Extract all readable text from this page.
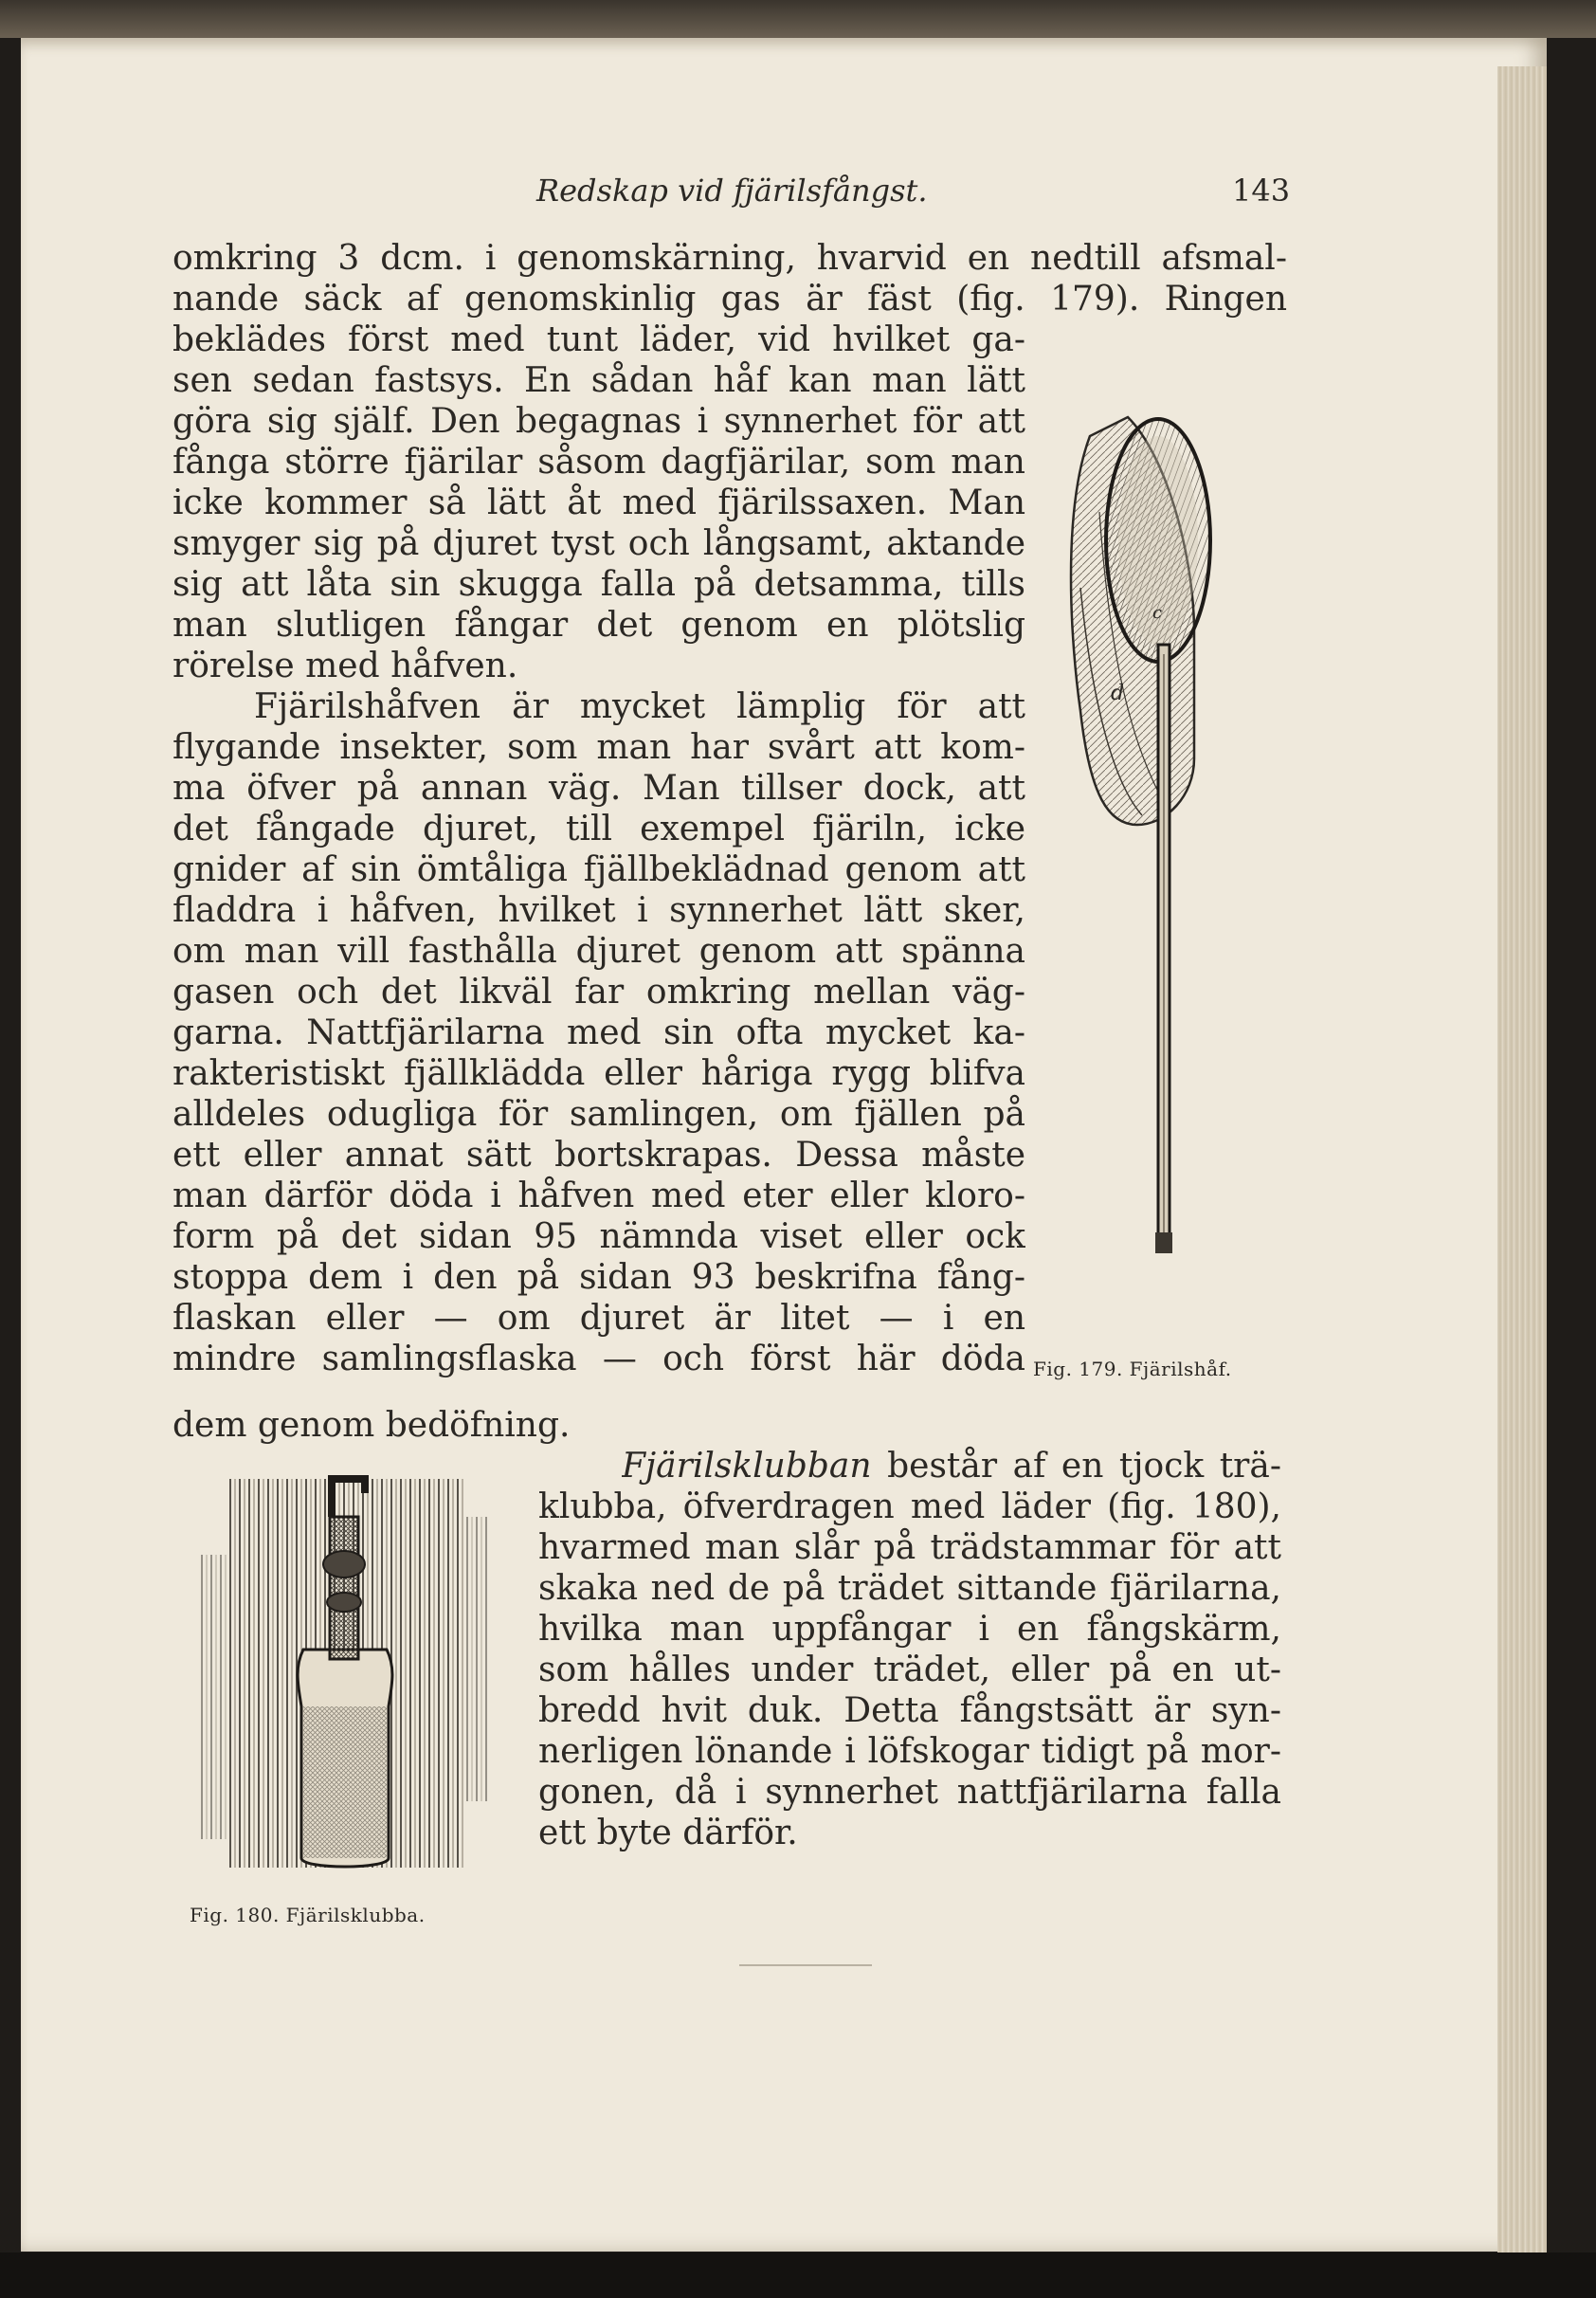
Redskap vid fjärilsfångst.	143

omkring 3 dcm. i genomskärning, hvarvid en nedtill afsmal-

nande säck af genomskinlig gas är fäst (fig. 179). Ringen

beklädes först med tunt läder, vid hvilket ga-

sen sedan fastsys. En sådan håf kan man lätt

göra sig själf. Den begagnas i synnerhet för att

fånga större fjärilar såsom dagfjärilar, som man

icke kommer så lätt åt med fjärilssaxen. Man

smyger sig på djuret tyst och långsamt, aktande

sig att låta sin skugga falla på detsamma, tills

man slutligen fångar det genom en plötslig

rörelse med håfven.

Fjärilshåfven är mycket lämplig för att

flygande insekter, som man har svårt att kom-

ma öfver på annan väg. Man tillser dock, att

det fångade djuret, till exempel fjäriln, icke

gnider af sin ömtåliga fjällbeklädnad genom att

fladdra i håfven, hvilket i synnerhet lätt sker,

om man vill fasthålla djuret genom att spänna

gasen och det likväl far omkring mellan väg-

garna. Nattfjärilarna med sin ofta mycket ka-

rakteristiskt fjällklädda eller håriga rygg blifva

alldeles odugliga för samlingen, om fjällen på

ett eller annat sätt bortskrapas. Dessa måste

man därför döda i håfven med eter eller kloro-

form på det sidan 95 nämnda viset eller ock

stoppa dem i den på sidan 93 beskrifna fång-

flaskan eller — om djuret är litet — i en

mindre samlingsflaska — och först här döda

dem genom bedöfning.

Fjärilsklubban består af en tjock trä-

klubba, öfverdragen med läder (fig. 180),

hvarmed man slår på trädstammar för att

skaka ned de på trädet sittande fjärilarna,

hvilka man uppfångar i en fångskärm,

som hålles under trädet, eller på en ut-

bredd hvit duk. Detta fångstsätt är syn-

nerligen lönande i löfskogar tidigt på mor-

gonen, då i synnerhet nattfjärilarna falla

ett byte därför.

c
d

Fig. 179. Fjärilshåf.

Fig. 180. Fjärilsklubba.
